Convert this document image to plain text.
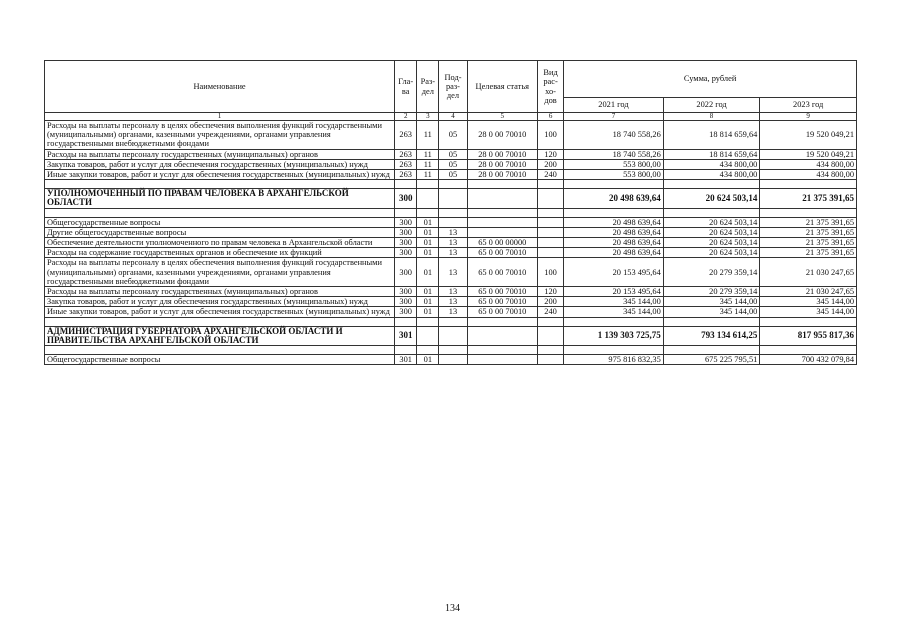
Наименование	Гла-ва	Раз-дел	Под-раз-дел	Целевая статья	Вид рас-хо-дов	Сумма, рублей		
						2021 год	2022 год	2023 год
1	2	3	4	5	6	7	8	9
Расходы на выплаты персоналу в целях обеспечения выполнения функций государственными (муниципальными) органами, казенными учреждениями, органами управления государственными внебюджетными фондами	263	11	05	28 0 00 70010	100	18 740 558,26	18 814 659,64	19 520 049,21
Расходы на выплаты персоналу государственных (муниципальных) органов	263	11	05	28 0 00 70010	120	18 740 558,26	18 814 659,64	19 520 049,21
Закупка товаров, работ и услуг для обеспечения государственных (муниципальных) нужд	263	11	05	28 0 00 70010	200	553 800,00	434 800,00	434 800,00
Иные закупки товаров, работ и услуг для обеспечения государственных (муниципальных) нужд	263	11	05	28 0 00 70010	240	553 800,00	434 800,00	434 800,00

УПОЛНОМОЧЕННЫЙ ПО ПРАВАМ ЧЕЛОВЕКА В АРХАНГЕЛЬСКОЙ ОБЛАСТИ	300					20 498 639,64	20 624 503,14	21 375 391,65

Общегосударственные вопросы	300	01				20 498 639,64	20 624 503,14	21 375 391,65
Другие общегосударственные вопросы	300	01	13			20 498 639,64	20 624 503,14	21 375 391,65
Обеспечение деятельности уполномоченного по правам человека в Архангельской области	300	01	13	65 0 00 00000		20 498 639,64	20 624 503,14	21 375 391,65
Расходы на содержание государственных органов и обеспечение их функций	300	01	13	65 0 00 70010		20 498 639,64	20 624 503,14	21 375 391,65
Расходы на выплаты персоналу в целях обеспечения выполнения функций государственными (муниципальными) органами, казенными учреждениями, органами управления государственными внебюджетными фондами	300	01	13	65 0 00 70010	100	20 153 495,64	20 279 359,14	21 030 247,65
Расходы на выплаты персоналу государственных (муниципальных) органов	300	01	13	65 0 00 70010	120	20 153 495,64	20 279 359,14	21 030 247,65
Закупка товаров, работ и услуг для обеспечения государственных (муниципальных) нужд	300	01	13	65 0 00 70010	200	345 144,00	345 144,00	345 144,00
Иные закупки товаров, работ и услуг для обеспечения государственных (муниципальных) нужд	300	01	13	65 0 00 70010	240	345 144,00	345 144,00	345 144,00

АДМИНИСТРАЦИЯ ГУБЕРНАТОРА АРХАНГЕЛЬСКОЙ ОБЛАСТИ И ПРАВИТЕЛЬСТВА АРХАНГЕЛЬСКОЙ ОБЛАСТИ	301					1 139 303 725,75	793 134 614,25	817 955 817,36

Общегосударственные вопросы	301	01				975 816 832,35	675 225 795,51	700 432 079,84
134
